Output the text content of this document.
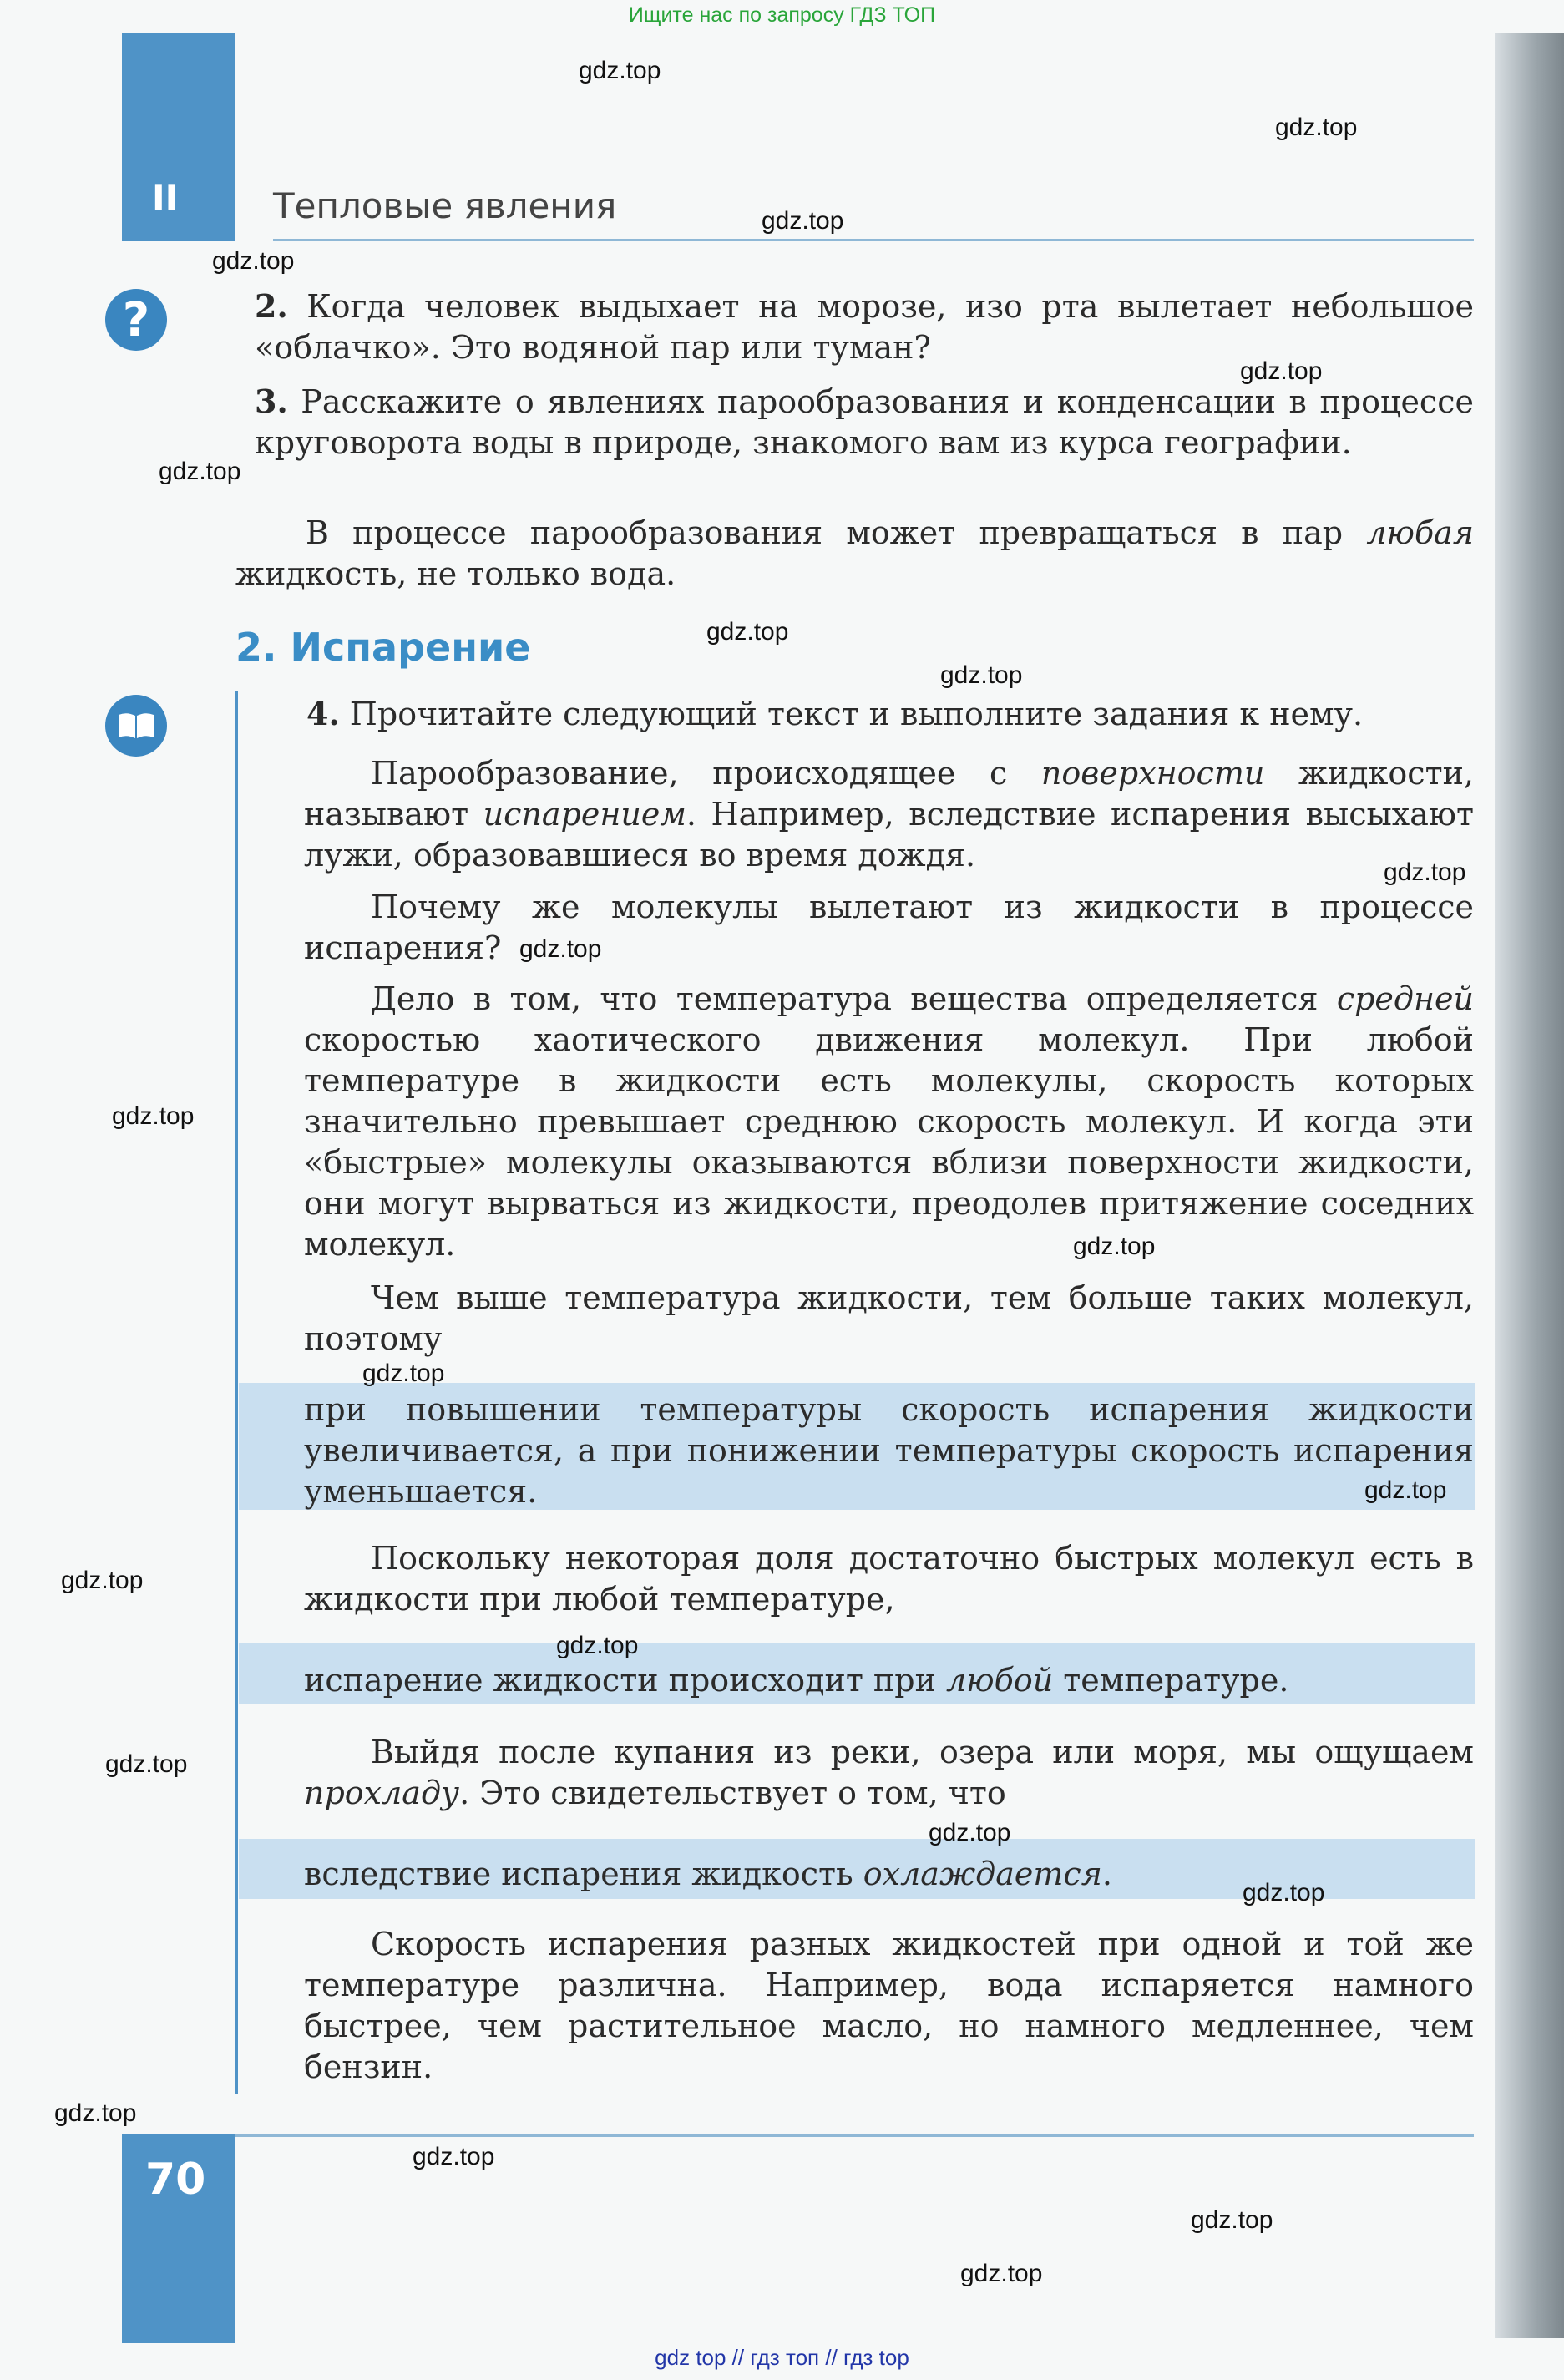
Ищите нас по запросу ГДЗ ТОП
II	Тепловые явления
?	2. Когда человек выдыхает на морозе, изо рта вылетает небольшое «облачко». Это водяной пар или туман?

3. Расскажите о явлениях парообразования и конденсации в процессе круговорота воды в природе, знакомого вам из курса географии.

В процессе парообразования может превращаться в пар любая жидкость, не только вода.

2. Испарение

4. Прочитайте следующий текст и выполните задания к нему.

Парообразование, происходящее с поверхности жидкости, называют испарением. Например, вследствие испарения высыхают лужи, образовавшиеся во время дождя.

Почему же молекулы вылетают из жидкости в процессе испарения?

Дело в том, что температура вещества определяется средней скоростью хаотического движения молекул. При любой температуре в жидкости есть молекулы, скорость которых значительно превышает среднюю скорость молекул. И когда эти «быстрые» молекулы оказываются вблизи поверхности жидкости, они могут вырваться из жидкости, преодолев притяжение соседних молекул.

Чем выше температура жидкости, тем больше таких молекул, поэтому

при повышении температуры скорость испарения жидкости увеличивается, а при понижении температуры скорость испарения уменьшается.

Поскольку некоторая доля достаточно быстрых молекул есть в жидкости при любой температуре,

испарение жидкости происходит при любой температуре.

Выйдя после купания из реки, озера или моря, мы ощущаем прохладу. Это свидетельствует о том, что

вследствие испарения жидкость охлаждается.

Скорость испарения разных жидкостей при одной и той же температуре различна. Например, вода испаряется намного быстрее, чем растительное масло, но намного медленнее, чем бензин.

70
gdz top // гдз топ // гдз top
gdz.top
gdz.top
gdz.top
gdz.top
gdz.top
gdz.top
gdz.top
gdz.top
gdz.top
gdz.top
gdz.top
gdz.top
gdz.top
gdz.top
gdz.top
gdz.top
gdz.top
gdz.top
gdz.top
gdz.top
gdz.top
gdz.top
gdz.top
